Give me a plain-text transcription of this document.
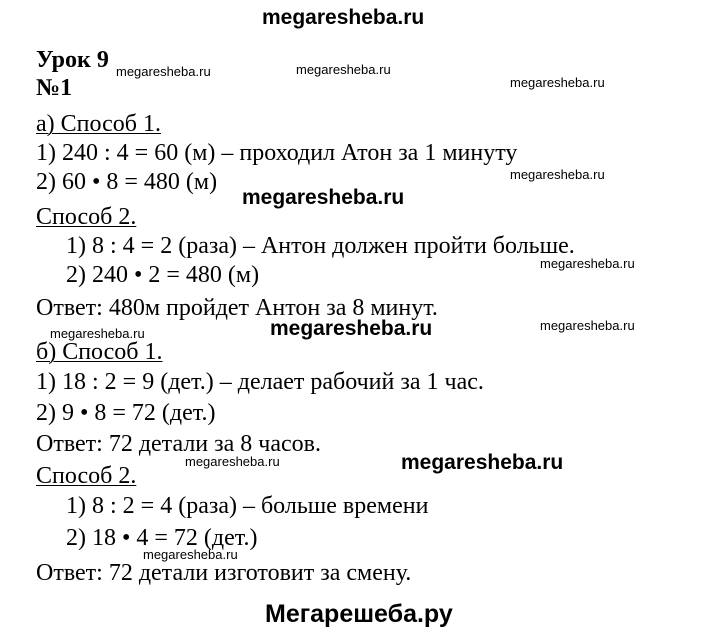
megaresheba.ru
Урок 9
№1
а) Способ 1.
1) 240 : 4 = 60 (м) – проходил Атон за 1 минуту
2) 60 • 8 = 480 (м)
Способ 2.
1) 8 : 4 = 2 (раза) – Антон должен пройти больше.
2) 240 • 2 = 480 (м)
Ответ: 480м пройдет Антон за 8 минут.
б) Способ 1.
1) 18 : 2 = 9 (дет.) – делает рабочий за 1 час.
2) 9 • 8 = 72 (дет.)
Ответ: 72 детали за 8 часов.
Способ 2.
1) 8 : 2 = 4 (раза) – больше времени
2) 18 • 4 = 72 (дет.)
Ответ: 72 детали изготовит за смену.
megaresheba.ru	megaresheba.ru
megaresheba.ru
megaresheba.ru
megaresheba.ru
megaresheba.ru
megaresheba.ru
megaresheba.ru
megaresheba.ru
megaresheba.ru
megaresheba.ru
megaresheba.ru
Мегарешеба.ру
